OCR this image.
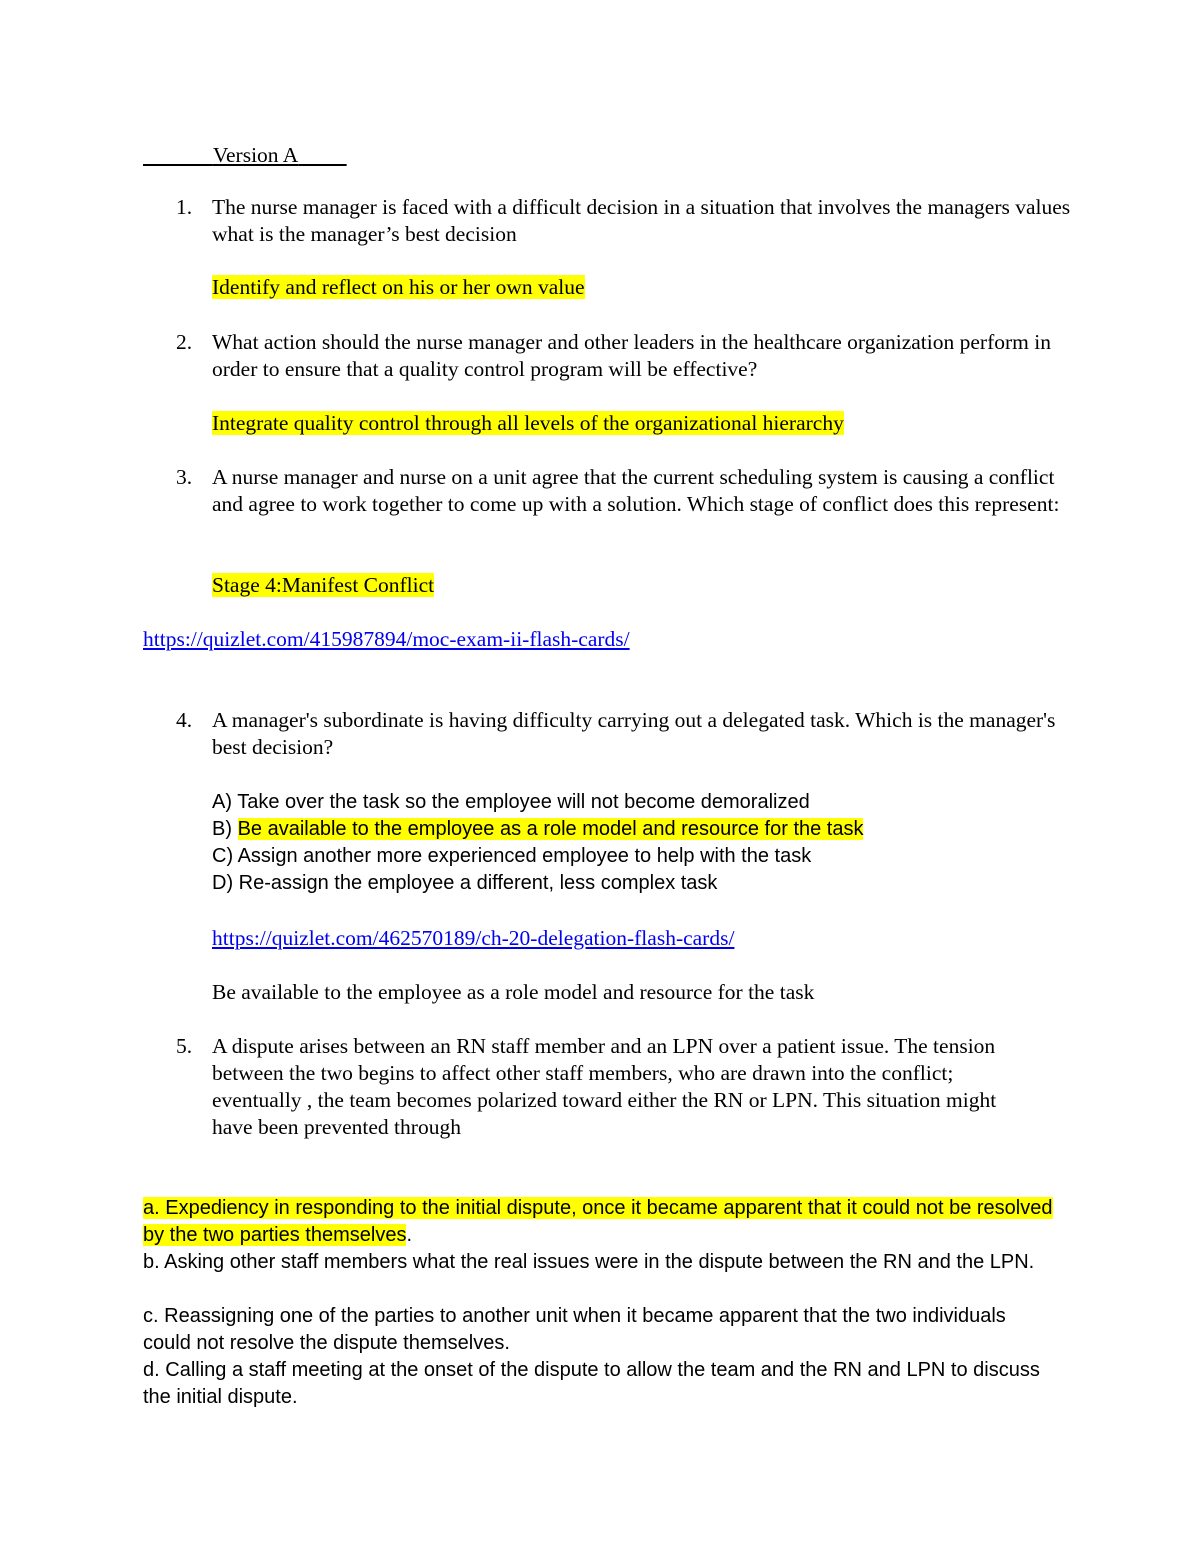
Version A
1. The nurse manager is faced with a difficult decision in a situation that involves the managers values what is the manager’s best decision
Identify and reflect on his or her own value
2. What action should the nurse manager and other leaders in the healthcare organization perform in order to ensure that a quality control program will be effective?
Integrate quality control through all levels of the organizational hierarchy
3. A nurse manager and nurse on a unit agree that the current scheduling system is causing a conflict and agree to work together to come up with a solution. Which stage of conflict does this represent:
Stage 4:Manifest Conflict
https://quizlet.com/415987894/moc-exam-ii-flash-cards/
4. A manager's subordinate is having difficulty carrying out a delegated task. Which is the manager's best decision?
A) Take over the task so the employee will not become demoralized
B) Be available to the employee as a role model and resource for the task
C) Assign another more experienced employee to help with the task
D) Re-assign the employee a different, less complex task
https://quizlet.com/462570189/ch-20-delegation-flash-cards/
Be available to the employee as a role model and resource for the task
5. A dispute arises between an RN staff member and an LPN over a patient issue. The tension between the two begins to affect other staff members, who are drawn into the conflict; eventually , the team becomes polarized toward either the RN or LPN. This situation might have been prevented through
a. Expediency in responding to the initial dispute, once it became apparent that it could not be resolved by the two parties themselves.
b. Asking other staff members what the real issues were in the dispute between the RN and the LPN.
c. Reassigning one of the parties to another unit when it became apparent that the two individuals could not resolve the dispute themselves.
d. Calling a staff meeting at the onset of the dispute to allow the team and the RN and LPN to discuss the initial dispute.
